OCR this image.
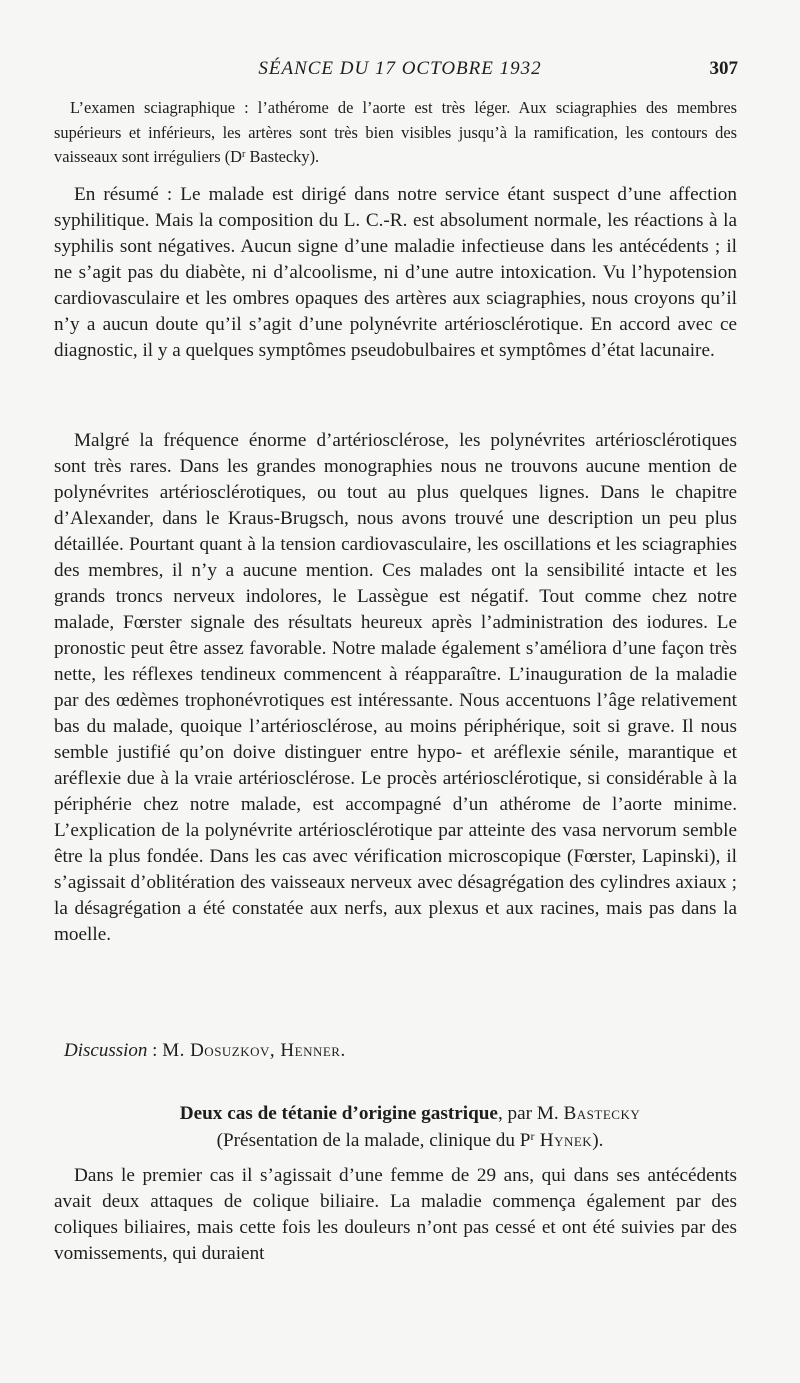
SÉANCE DU 17 OCTOBRE 1932	307

L’examen sciagraphique : l’athérome de l’aorte est très léger. Aux sciagraphies des membres supérieurs et inférieurs, les artères sont très bien visibles jusqu’à la ramification, les contours des vaisseaux sont irréguliers ($D^r$ Bastecky).

En résumé : Le malade est dirigé dans notre service étant suspect d’une affection syphilitique. Mais la composition du L. C.-R. est absolument normale, les réactions à la syphilis sont négatives. Aucun signe d’une maladie infectieuse dans les antécédents ; il ne s’agit pas du diabète, ni d’alcoolisme, ni d’une autre intoxication. Vu l’hypotension cardiovasculaire et les ombres opaques des artères aux sciagraphies, nous croyons qu’il n’y a aucun doute qu’il s’agit d’une polynévrite artériosclérotique. En accord avec ce diagnostic, il y a quelques symptômes pseudobulbaires et symptômes d’état lacunaire.

Malgré la fréquence énorme d’artériosclérose, les polynévrites artériosclérotiques sont très rares. Dans les grandes monographies nous ne trouvons aucune mention de polynévrites artériosclérotiques, ou tout au plus quelques lignes. Dans le chapitre d’Alexander, dans le Kraus-Brugsch, nous avons trouvé une description un peu plus détaillée. Pourtant quant à la tension cardiovasculaire, les oscillations et les sciagraphies des membres, il n’y a aucune mention. Ces malades ont la sensibilité intacte et les grands troncs nerveux indolores, le Lassègue est négatif. Tout comme chez notre malade, Fœrster signale des résultats heureux après l’administration des iodures. Le pronostic peut être assez favorable. Notre malade également s’améliora d’une façon très nette, les réflexes tendineux commencent à réapparaître. L’inauguration de la maladie par des œdèmes trophonévrotiques est intéressante. Nous accentuons l’âge relativement bas du malade, quoique l’artériosclérose, au moins périphérique, soit si grave. Il nous semble justifié qu’on doive distinguer entre hypo- et aréflexie sénile, marantique et aréflexie due à la vraie artériosclérose. Le procès artériosclérotique, si considérable à la périphérie chez notre malade, est accompagné d’un athérome de l’aorte minime. L’explication de la polynévrite artériosclérotique par atteinte des vasa nervorum semble être la plus fondée. Dans les cas avec vérification microscopique (Fœrster, Lapinski), il s’agissait d’oblitération des vaisseaux nerveux avec désagrégation des cylindres axiaux ; la désagrégation a été constatée aux nerfs, aux plexus et aux racines, mais pas dans la moelle.

Discussion : M. Dosuzkov, Henner.
Deux cas de tétanie d’origine gastrique, par M. Bastecky
(Présentation de la malade, clinique du $P^r$ Hynek).

Dans le premier cas il s’agissait d’une femme de 29 ans, qui dans ses antécédents avait deux attaques de colique biliaire. La maladie commença également par des coliques biliaires, mais cette fois les douleurs n’ont pas cessé et ont été suivies par des vomissements, qui duraient
